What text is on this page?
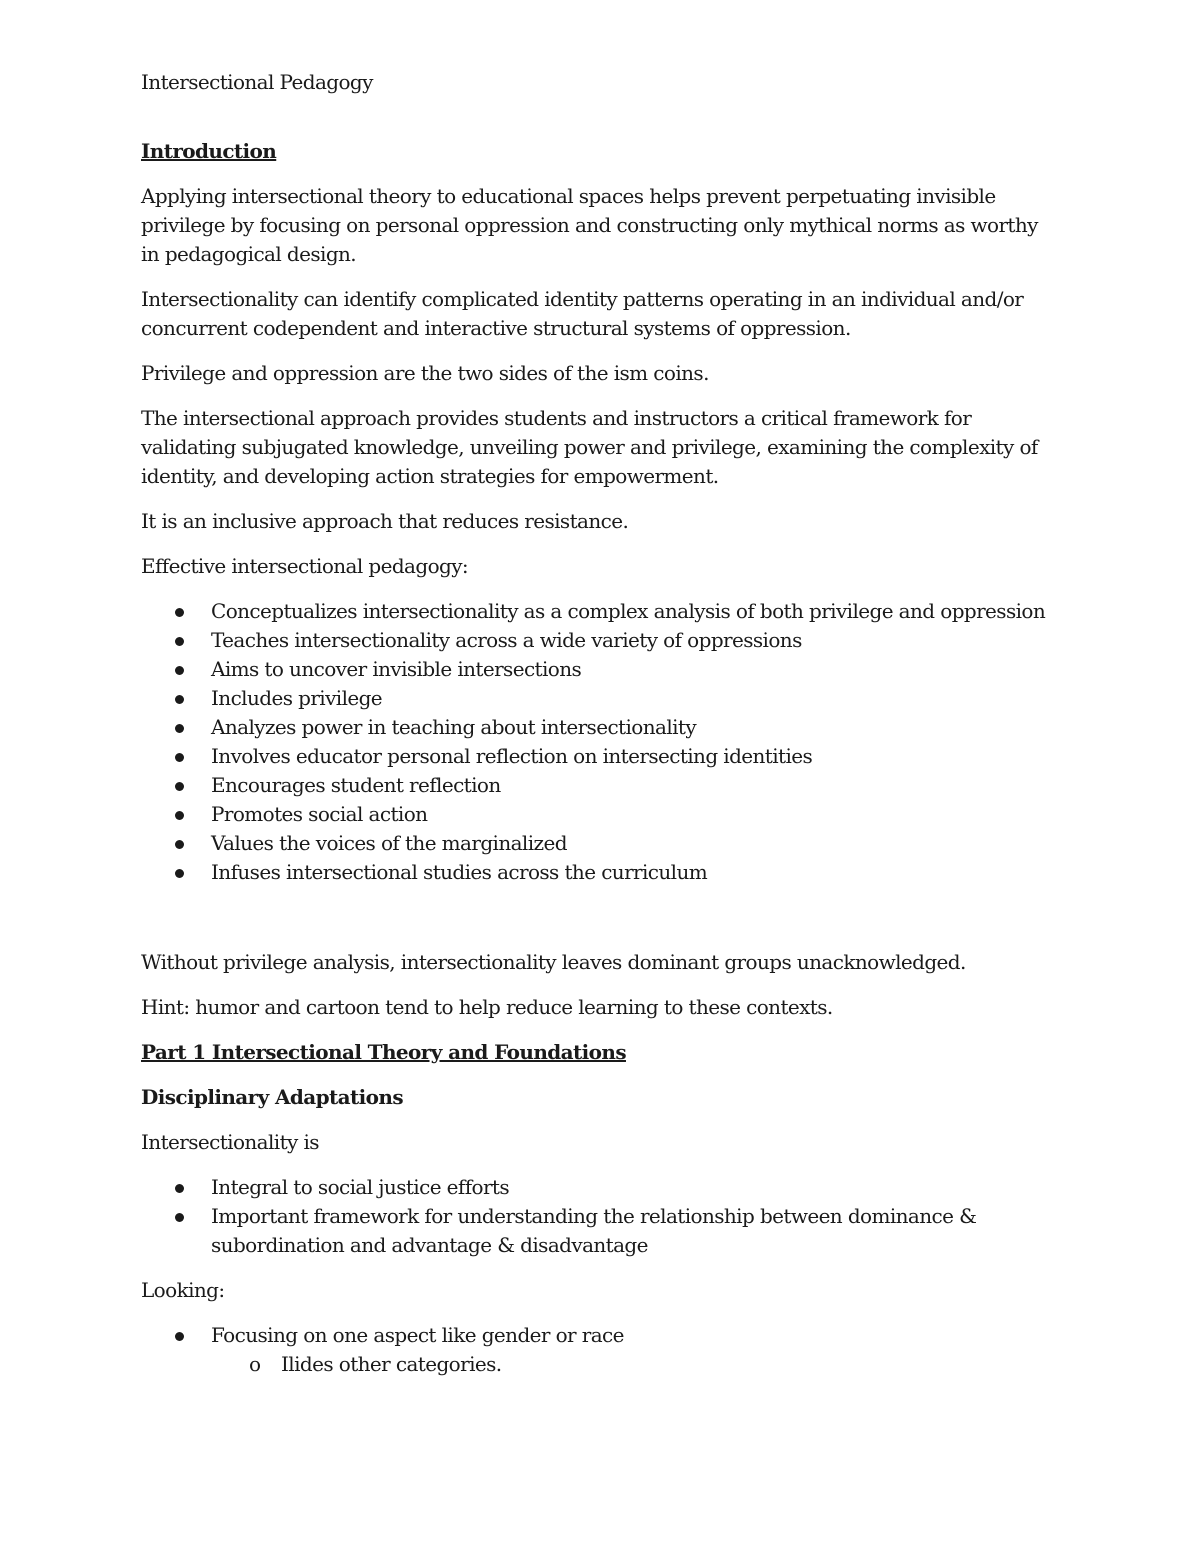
Intersectional Pedagogy

Introduction

Applying intersectional theory to educational spaces helps prevent perpetuating invisible privilege by focusing on personal oppression and constructing only mythical norms as worthy in pedagogical design.

Intersectionality can identify complicated identity patterns operating in an individual and/or concurrent codependent and interactive structural systems of oppression.

Privilege and oppression are the two sides of the ism coins.

The intersectional approach provides students and instructors a critical framework for validating subjugated knowledge, unveiling power and privilege, examining the complexity of identity, and developing action strategies for empowerment.

It is an inclusive approach that reduces resistance.

Effective intersectional pedagogy:

Conceptualizes intersectionality as a complex analysis of both privilege and oppression
Teaches intersectionality across a wide variety of oppressions
Aims to uncover invisible intersections
Includes privilege
Analyzes power in teaching about intersectionality
Involves educator personal reflection on intersecting identities
Encourages student reflection
Promotes social action
Values the voices of the marginalized
Infuses intersectional studies across the curriculum

Without privilege analysis, intersectionality leaves dominant groups unacknowledged.

Hint: humor and cartoon tend to help reduce learning to these contexts.

Part 1 Intersectional Theory and Foundations

Disciplinary Adaptations

Intersectionality is

Integral to social justice efforts
Important framework for understanding the relationship between dominance & subordination and advantage & disadvantage

Looking:

Focusing on one aspect like gender or race
o Ilides other categories.
